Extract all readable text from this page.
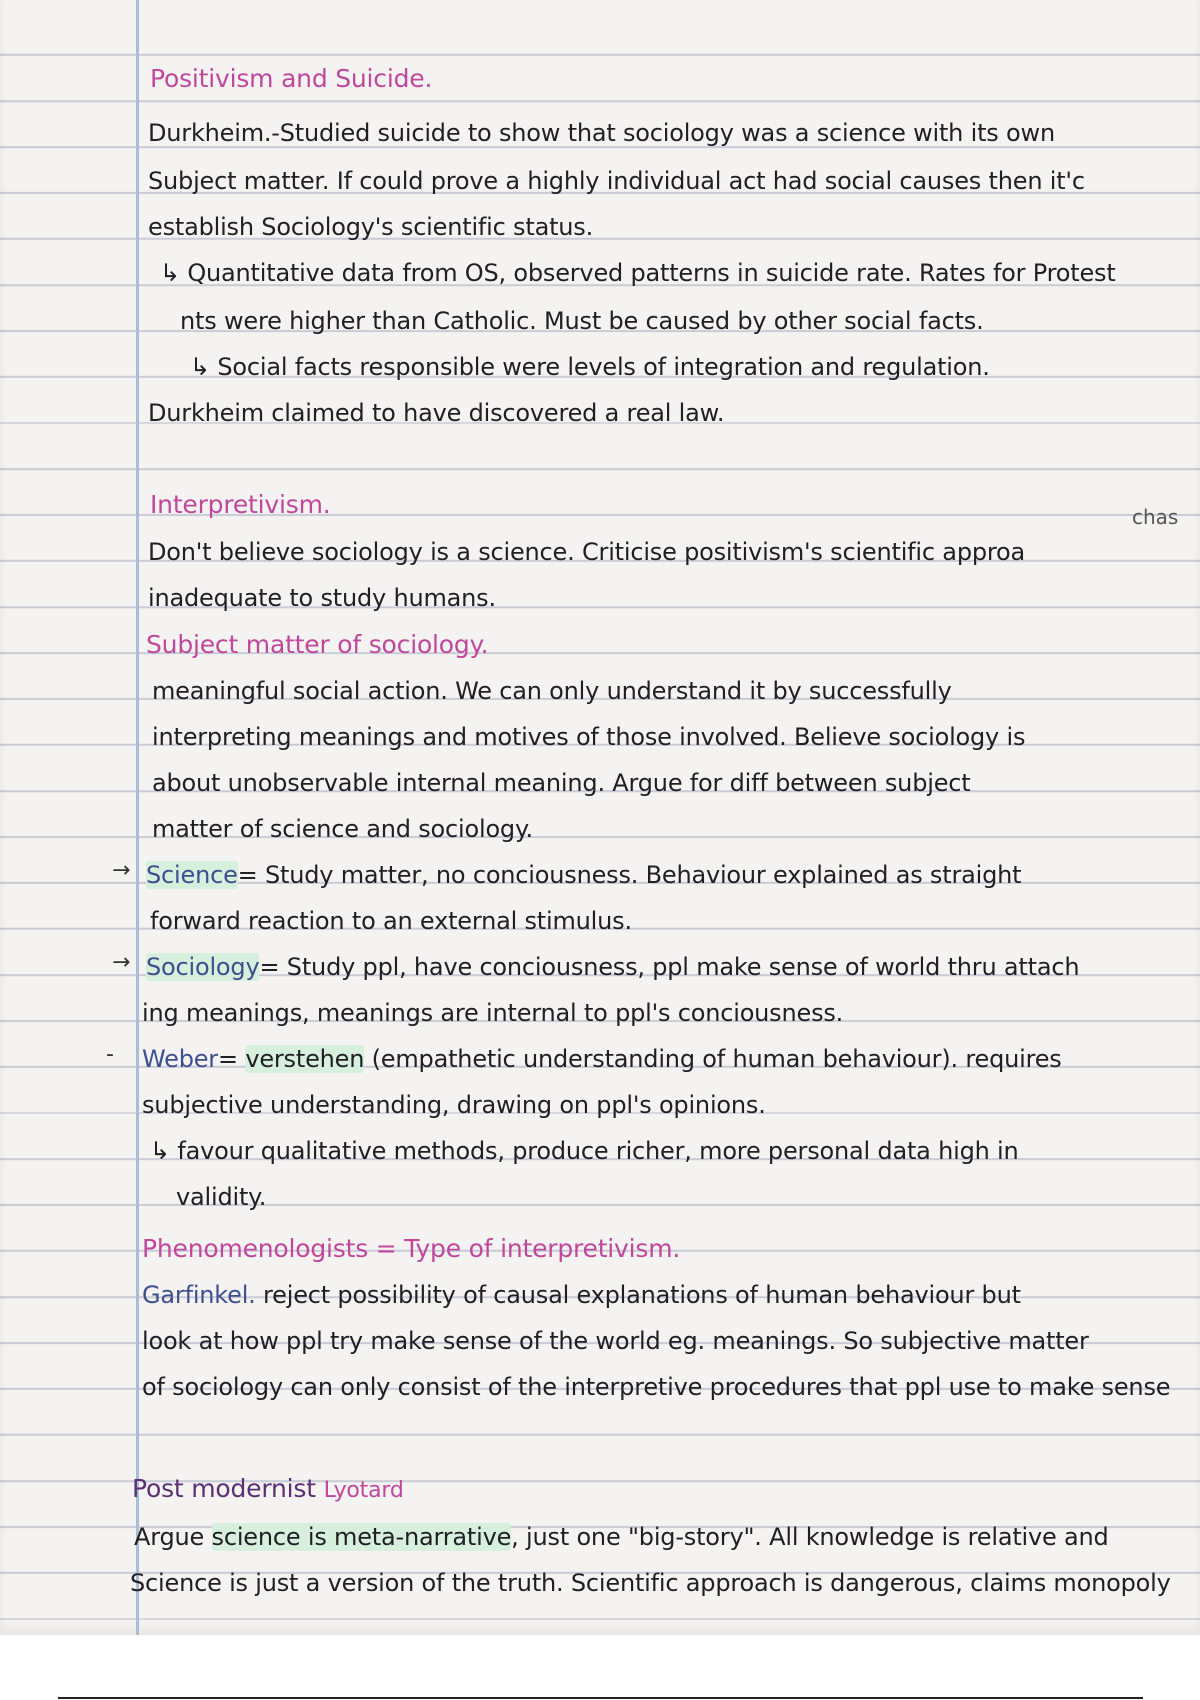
Positivism and Suicide.

Durkheim.-Studied suicide to show that sociology was a science with its own

Subject matter. If could prove a highly individual act had social causes then it'c

establish Sociology's scientific status.

↳ Quantitative data from OS, observed patterns in suicide rate. Rates for Protest

nts were higher than Catholic. Must be caused by other social facts.

↳ Social facts responsible were levels of integration and regulation.

Durkheim claimed to have discovered a real law.

Interpretivism.	chas

Don't believe sociology is a science. Criticise positivism's scientific approa

inadequate to study humans.

Subject matter of sociology.

meaningful social action. We can only understand it by successfully

interpreting meanings and motives of those involved. Believe sociology is

about unobservable internal meaning. Argue for diff between subject

matter of science and sociology.

→ Science= Study matter, no conciousness. Behaviour explained as straight

forward reaction to an external stimulus.

→ Sociology= Study ppl, have conciousness, ppl make sense of world thru attach

ing meanings, meanings are internal to ppl's conciousness.

- Weber= verstehen (empathetic understanding of human behaviour). requires

subjective understanding, drawing on ppl's opinions.

↳ favour qualitative methods, produce richer, more personal data high in

validity.

Phenomenologists = Type of interpretivism.

Garfinkel. reject possibility of causal explanations of human behaviour but

look at how ppl try make sense of the world eg. meanings. So subjective matter

of sociology can only consist of the interpretive procedures that ppl use to make sense

Post modernist Lyotard

Argue science is meta-narrative, just one "big-story". All knowledge is relative and

Science is just a version of the truth. Scientific approach is dangerous, claims monopoly
